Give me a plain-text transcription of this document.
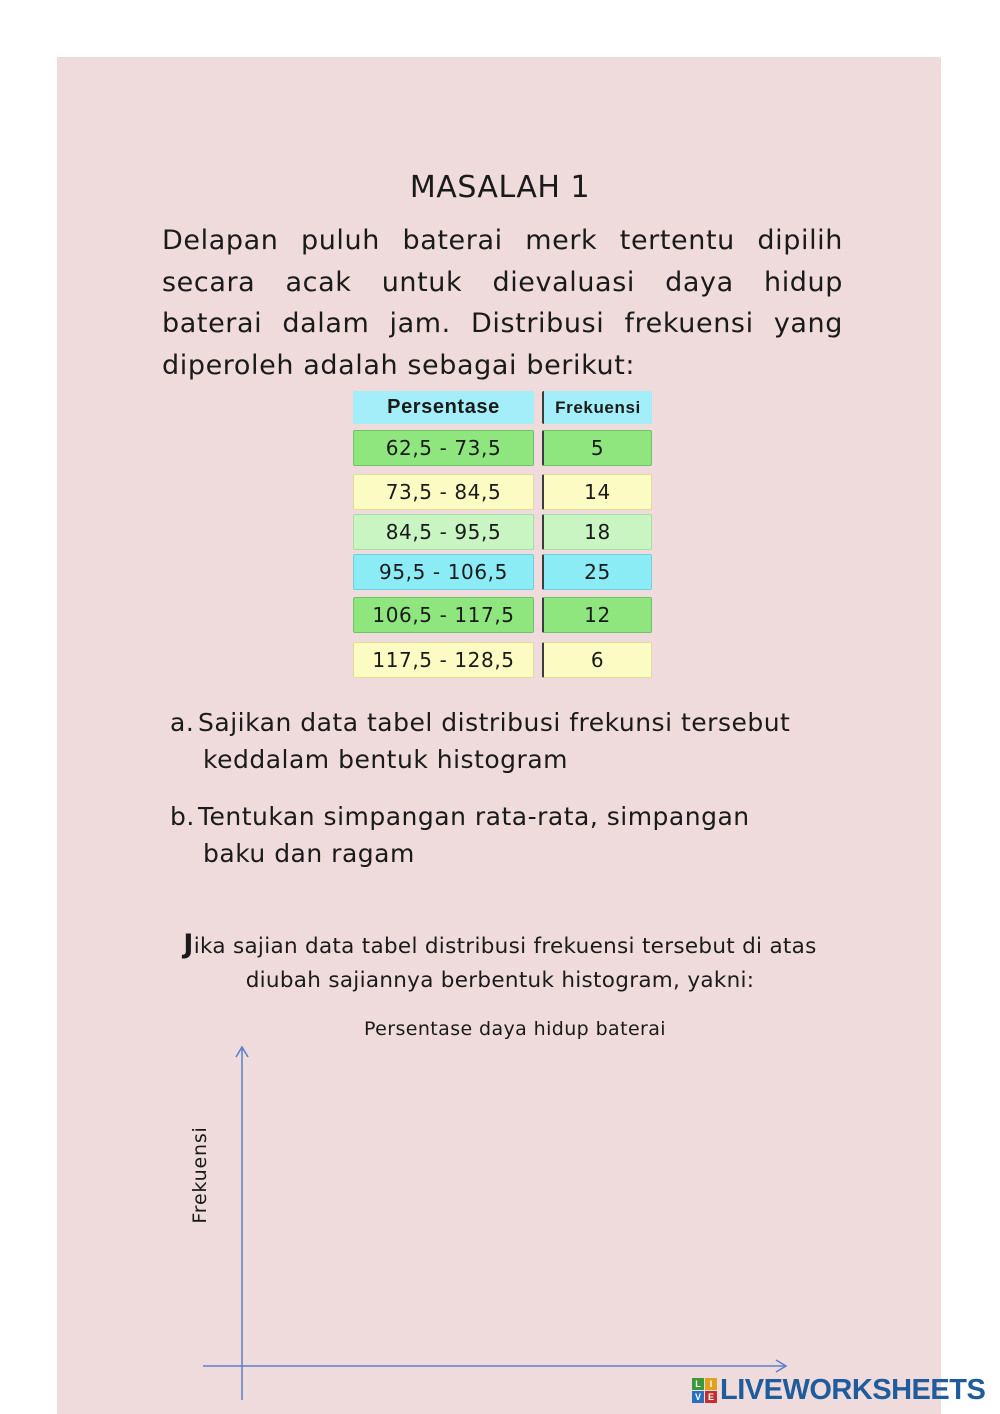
MASALAH 1

Delapan puluh baterai merk tertentu dipilih secara acak untuk dievaluasi daya hidup baterai dalam jam. Distribusi frekuensi yang diperoleh adalah sebagai berikut:

Persentase	Frekuensi
62,5 - 73,5	5
73,5 - 84,5	14
84,5 - 95,5	18
95,5 - 106,5	25
106,5 - 117,5	12
117,5 - 128,5	6
a. Sajikan data tabel distribusi frekunsi tersebut keddalam bentuk histogram
b. Tentukan simpangan rata-rata, simpangan baku dan ragam
Jika sajian data tabel distribusi frekuensi tersebut di atas diubah sajiannya berbentuk histogram, yakni:
Persentase daya hidup baterai
Frekuensi
L I
V E LIVEWORKSHEETS
